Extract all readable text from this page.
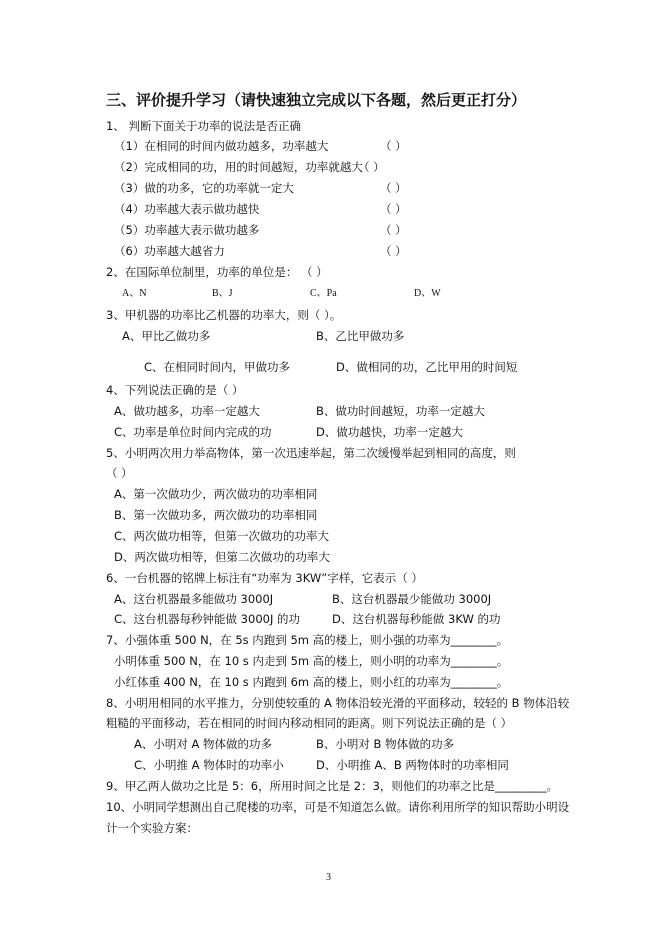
三、评价提升学习（请快速独立完成以下各题，然后更正打分）
1、 判断下面关于功率的说法是否正确
（1）在相同的时间内做功越多，功率越大	（ ）
（2）完成相同的功，用的时间越短，功率就越大
（ ）
（3）做的功多，它的功率就一定大	（ ）
（4）功率越大表示做功越快	（ ）
（5）功率越大表示做功越多	（ ）
（6）功率越大越省力	（ ）
2、在国际单位制里，功率的单位是： （ ）
A、N	B、J	C、Pa	D、W
3、甲机器的功率比乙机器的功率大，则（ ）。
A、甲比乙做功多	B、乙比甲做功多
C、在相同时间内，甲做功多	D、做相同的功，乙比甲用的时间短
4、下列说法正确的是（ ）
A、做功越多，功率一定越大	B、做功时间越短，功率一定越大
C、功率是单位时间内完成的功	D、做功越快，功率一定越大
5、小明两次用力举高物体，第一次迅速举起，第二次缓慢举起到相同的高度，则
（ ）
A、第一次做功少，两次做功的功率相同
B、第一次做功多，两次做功的功率相同
C、两次做功相等，但第一次做功的功率大
D、两次做功相等，但第二次做功的功率大
6、一台机器的铭牌上标注有“功率为 3KW”字样，它表示（ ）
A、这台机器最多能做功 3000J	B、这台机器最少能做功 3000J
C、这台机器每秒钟能做 3000J 的功	D、这台机器每秒能做 3KW 的功
7、小强体重 500 N，在 5s 内跑到 5m 高的楼上，则小强的功率为________。
小明体重 500 N，在 10 s 内走到 5m 高的楼上，则小明的功率为________。
小红体重 400 N，在 10 s 内跑到 6m 高的楼上，则小红的功率为________。
8、小明用相同的水平推力，分别使较重的 A 物体沿较光滑的平面移动，较轻的 B 物体沿较
粗糙的平面移动，若在相同的时间内移动相同的距离。则下列说法正确的是（ ）
A、小明对 A 物体做的功多	B、小明对 B 物体做的功多
C、小明推 A 物体时的功率小	D、小明推 A、B 两物体时的功率相同
9、甲乙两人做功之比是 5：6，所用时间之比是 2：3，则他们的功率之比是_________。
10、小明同学想测出自己爬楼的功率，可是不知道怎么做。请你利用所学的知识帮助小明设
计一个实验方案：
3
